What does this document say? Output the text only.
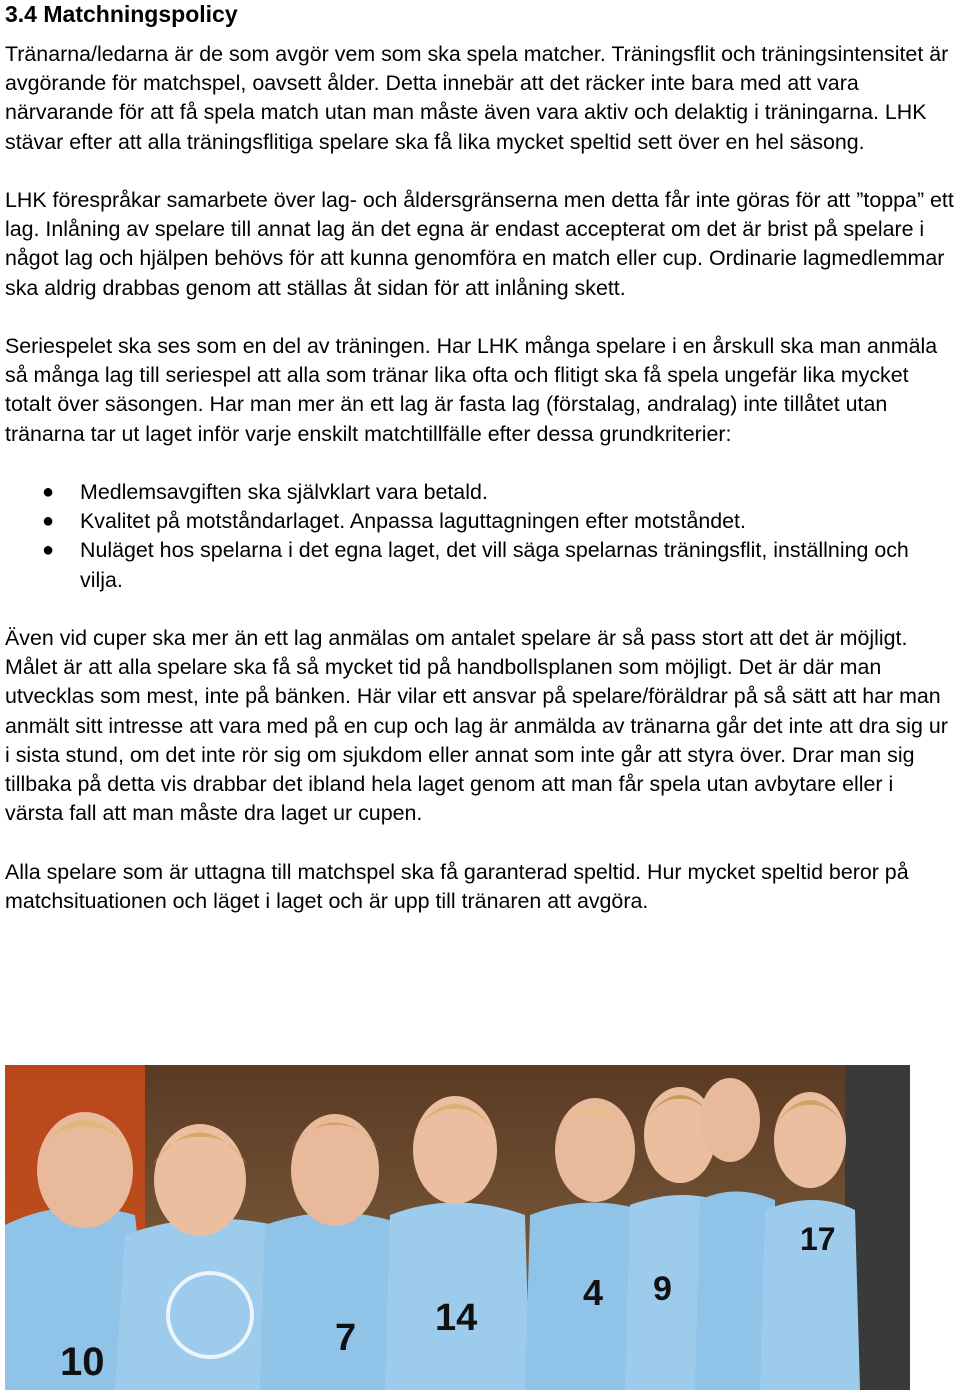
3.4 Matchningspolicy

Tränarna/ledarna är de som avgör vem som ska spela matcher. Träningsflit och träningsintensitet är avgörande för matchspel, oavsett ålder. Detta innebär att det räcker inte bara med att vara närvarande för att få spela match utan man måste även vara aktiv och delaktig i träningarna. LHK stävar efter att alla träningsflitiga spelare ska få lika mycket speltid sett över en hel säsong.

LHK förespråkar samarbete över lag- och åldersgränserna men detta får inte göras för att ”toppa” ett lag. Inlåning av spelare till annat lag än det egna är endast accepterat om det är brist på spelare i något lag och hjälpen behövs för att kunna genomföra en match eller cup. Ordinarie lagmedlemmar ska aldrig drabbas genom att ställas åt sidan för att inlåning skett.

Seriespelet ska ses som en del av träningen. Har LHK många spelare i en årskull ska man anmäla så många lag till seriespel att alla som tränar lika ofta och flitigt ska få spela ungefär lika mycket totalt över säsongen. Har man mer än ett lag är fasta lag (förstalag, andralag) inte tillåtet utan tränarna tar ut laget inför varje enskilt matchtillfälle efter dessa grundkriterier:

● Medlemsavgiften ska självklart vara betald.
● Kvalitet på motståndarlaget. Anpassa laguttagningen efter motståndet.
● Nuläget hos spelarna i det egna laget, det vill säga spelarnas träningsflit, inställning och vilja.

Även vid cuper ska mer än ett lag anmälas om antalet spelare är så pass stort att det är möjligt. Målet är att alla spelare ska få så mycket tid på handbollsplanen som möjligt. Det är där man utvecklas som mest, inte på bänken. Här vilar ett ansvar på spelare/föräldrar på så sätt att har man anmält sitt intresse att vara med på en cup och lag är anmälda av tränarna går det inte att dra sig ur i sista stund, om det inte rör sig om sjukdom eller annat som inte går att styra över. Drar man sig tillbaka på detta vis drabbar det ibland hela laget genom att man får spela utan avbytare eller i värsta fall att man måste dra laget ur cupen.

Alla spelare som är uttagna till matchspel ska få garanterad speltid. Hur mycket speltid beror på matchsituationen och läget i laget och är upp till tränaren att avgöra.

10
7 14
4 9
17
